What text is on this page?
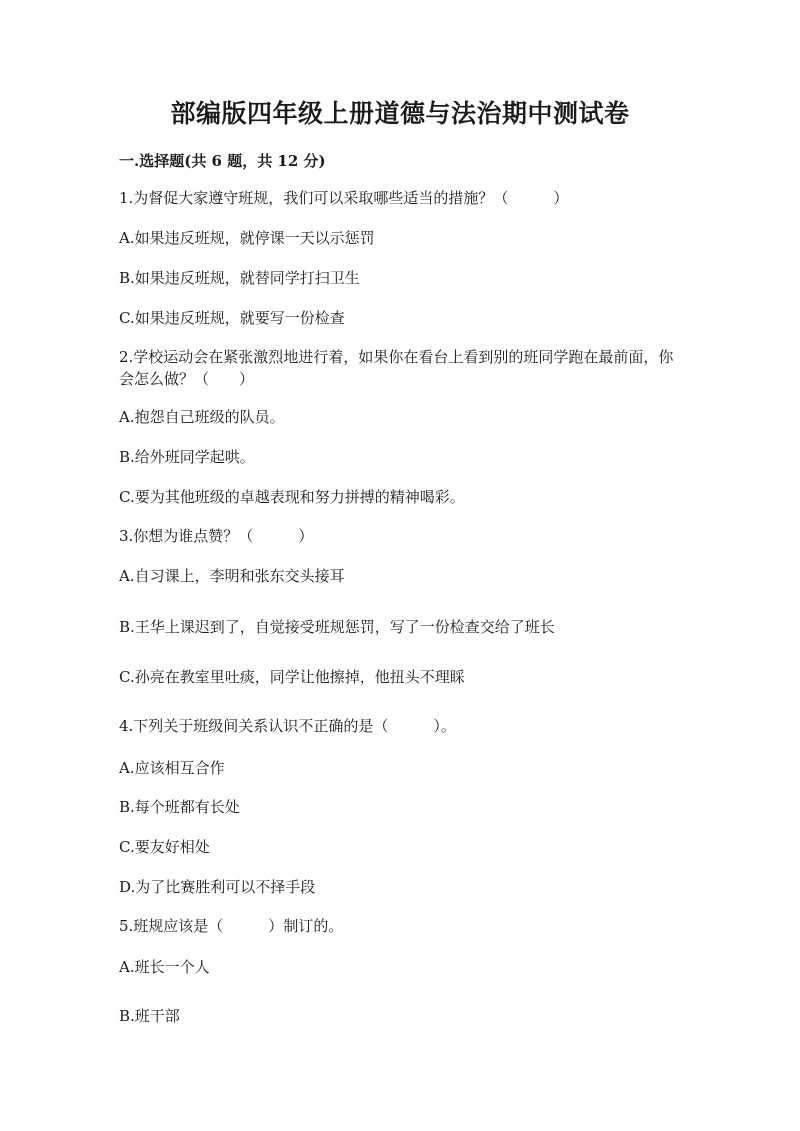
部编版四年级上册道德与法治期中测试卷
一.选择题(共 6 题，共 12 分)
1.为督促大家遵守班规，我们可以采取哪些适当的措施？（　　　）
A.如果违反班规，就停课一天以示惩罚
B.如果违反班规，就替同学打扫卫生
C.如果违反班规，就要写一份检查
2.学校运动会在紧张激烈地进行着，如果你在看台上看到别的班同学跑在最前面，你会怎么做？（　　）
A.抱怨自己班级的队员。
B.给外班同学起哄。
C.要为其他班级的卓越表现和努力拼搏的精神喝彩。
3.你想为谁点赞？（　　　）
A.自习课上，李明和张东交头接耳
B.王华上课迟到了，自觉接受班规惩罚，写了一份检查交给了班长
C.孙亮在教室里吐痰，同学让他擦掉，他扭头不理睬
4.下列关于班级间关系认识不正确的是（　　　）。
A.应该相互合作
B.每个班都有长处
C.要友好相处
D.为了比赛胜利可以不择手段
5.班规应该是（　　　）制订的。
A.班长一个人
B.班干部
